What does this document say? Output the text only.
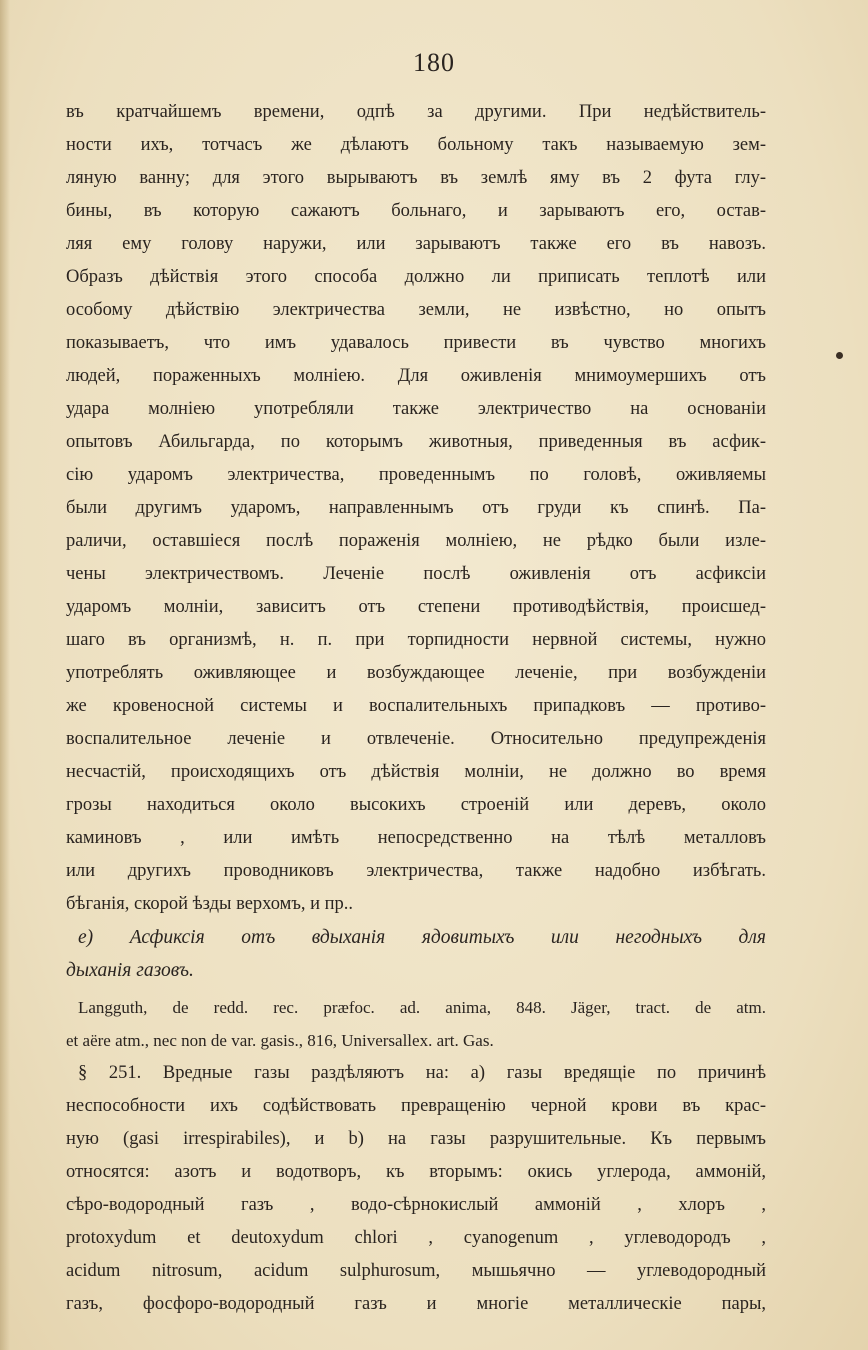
180
въ кратчайшемъ времени, одпѣ за другими. При недѣйствитель-
ности ихъ, тотчасъ же дѣлаютъ больному такъ называемую зем-
ляную ванну; для этого вырываютъ въ землѣ яму въ 2 фута глу-
бины, въ которую сажаютъ больнаго, и зарываютъ его, остав-
ляя ему голову наружи, или зарываютъ также его въ навозъ.
Образъ дѣйствія этого способа должно ли приписать теплотѣ или
особому дѣйствію электричества земли, не извѣстно, но опытъ
показываетъ, что имъ удавалось привести въ чувство многихъ
людей, пораженныхъ молніею. Для оживленія мнимоумершихъ отъ
удара молніею употребляли также электричество на основаніи
опытовъ Абильгарда, по которымъ животныя, приведенныя въ асфик-
сію ударомъ электричества, проведеннымъ по головѣ, оживляемы
были другимъ ударомъ, направленнымъ отъ груди къ спинѣ. Па-
раличи, оставшіеся послѣ пораженія молніею, не рѣдко были изле-
чены электричествомъ. Леченіе послѣ оживленія отъ асфиксіи
ударомъ молніи, зависитъ отъ степени противодѣйствія, происшед-
шаго въ организмѣ, н. п. при торпидности нервной системы, нужно
употреблять оживляющее и возбуждающее леченіе, при возбужденіи
же кровеносной системы и воспалительныхъ припадковъ — противо-
воспалительное леченіе и отвлеченіе. Относительно предупрежденія
несчастій, происходящихъ отъ дѣйствія молніи, не должно во время
грозы находиться около высокихъ строеній или деревъ, около
каминовъ , или имѣть непосредственно на тѣлѣ металловъ
или другихъ проводниковъ электричества, также надобно избѣгать.
бѣганія, скорой ѣзды верхомъ, и пр..
е) Асфиксія отъ вдыханія ядовитыхъ или негодныхъ для
дыханія газовъ.
Langguth, de redd. rec. præfoc. ad. anima, 848. Jäger, tract. de atm.
et aëre atm., nec non de var. gasis., 816, Universallex. art. Gas.
§ 251. Вредные газы раздѣляютъ на: а) газы вредящіе по причинѣ
неспособности ихъ содѣйствовать превращенію черной крови въ крас-
ную (gasi irrespirabiles), и b) на газы разрушительные. Къ первымъ
относятся: азотъ и водотворъ, къ вторымъ: окись углерода, аммоній,
сѣро-водородный газъ , водо-сѣрнокислый аммоній , хлоръ ,
protoxydum et deutoxydum chlori , cyanogenum , углеводородъ ,
acidum nitrosum, acidum sulphurosum, мышьячно — углеводородный
газъ, фосфоро-водородный газъ и многіе металлическіе пары,
